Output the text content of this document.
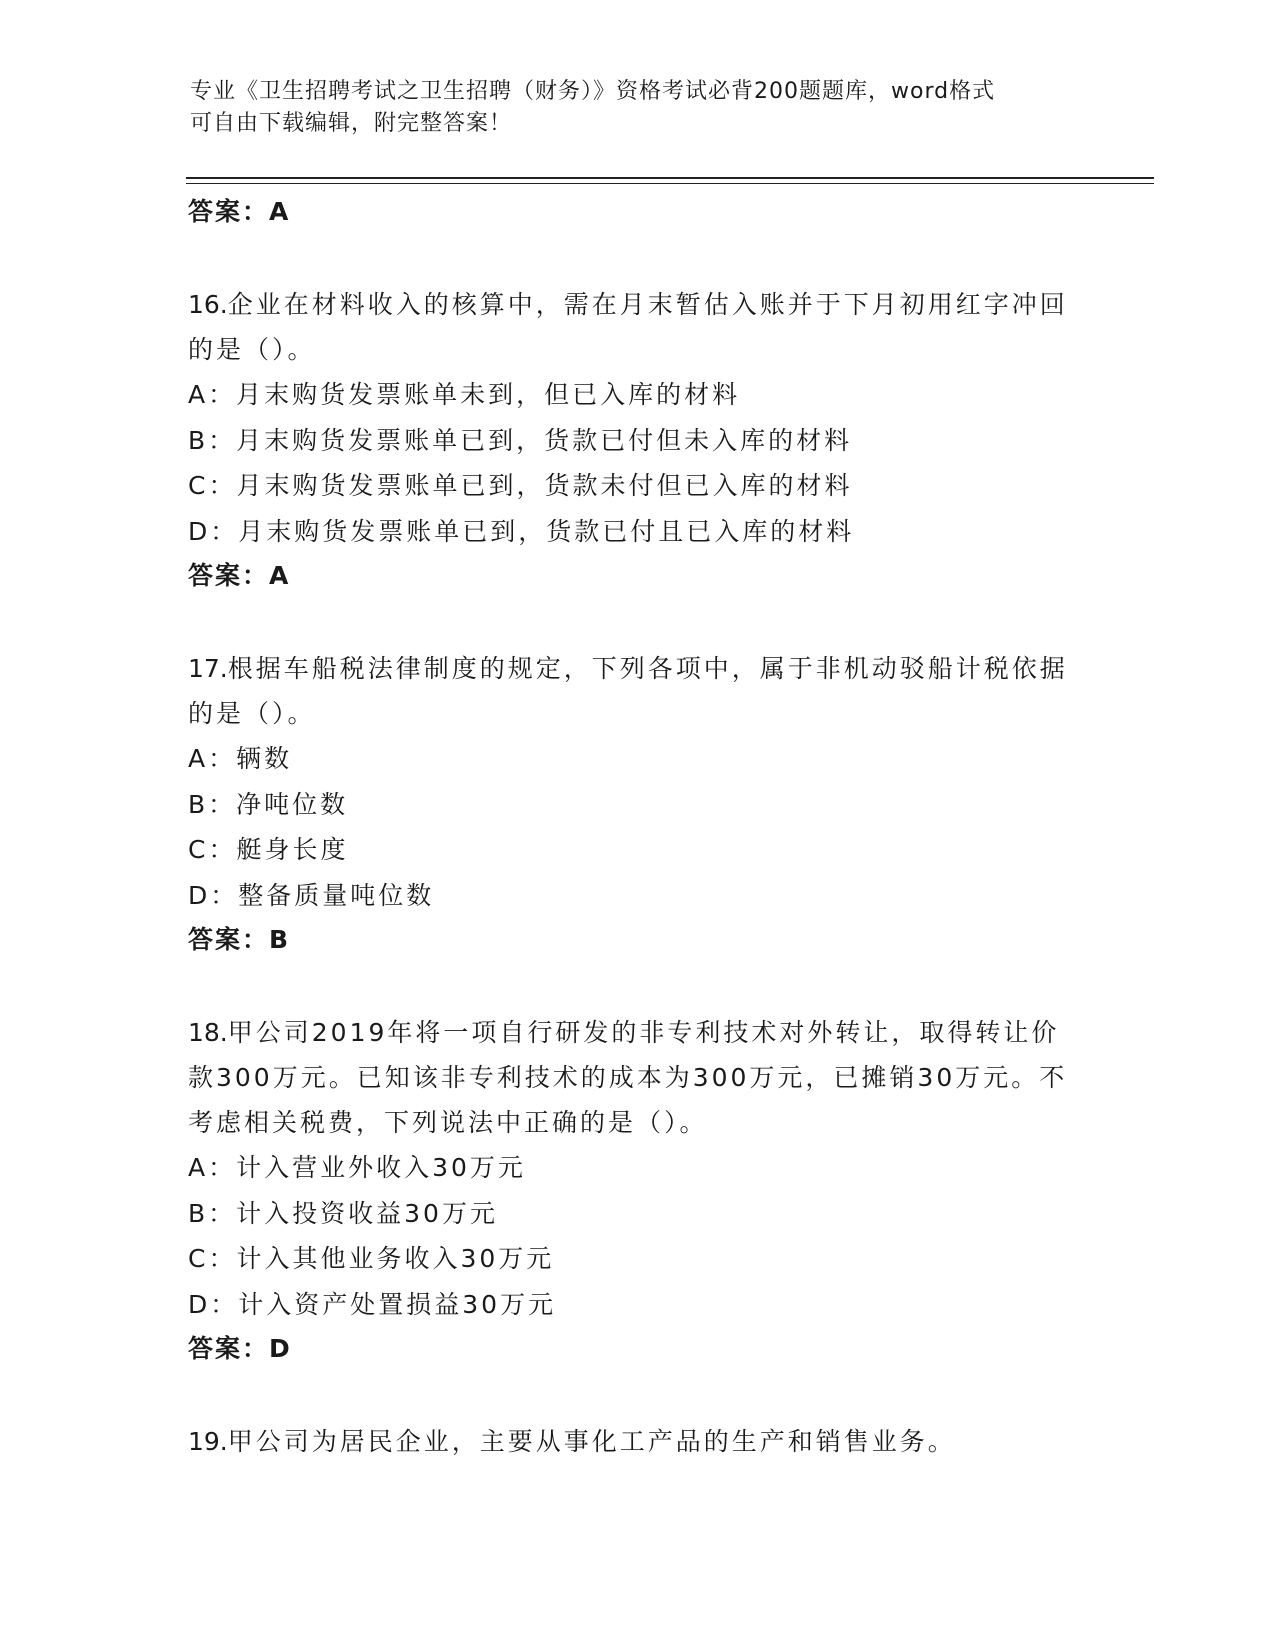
专业《卫生招聘考试之卫生招聘（财务）》资格考试必背200题题库，word格式
可自由下载编辑，附完整答案！
答案：A
16.企业在材料收入的核算中，需在月末暂估入账并于下月初用红字冲回的是（）。
A：月末购货发票账单未到，但已入库的材料
B：月末购货发票账单已到，货款已付但未入库的材料
C：月末购货发票账单已到，货款未付但已入库的材料
D：月末购货发票账单已到，货款已付且已入库的材料
答案：A
17.根据车船税法律制度的规定，下列各项中，属于非机动驳船计税依据的是（）。
A：辆数
B：净吨位数
C：艇身长度
D：整备质量吨位数
答案：B
18.甲公司2019年将一项自行研发的非专利技术对外转让，取得转让价款300万元。已知该非专利技术的成本为300万元，已摊销30万元。不考虑相关税费，下列说法中正确的是（）。
A：计入营业外收入30万元
B：计入投资收益30万元
C：计入其他业务收入30万元
D：计入资产处置损益30万元
答案：D
19.甲公司为居民企业，主要从事化工产品的生产和销售业务。
